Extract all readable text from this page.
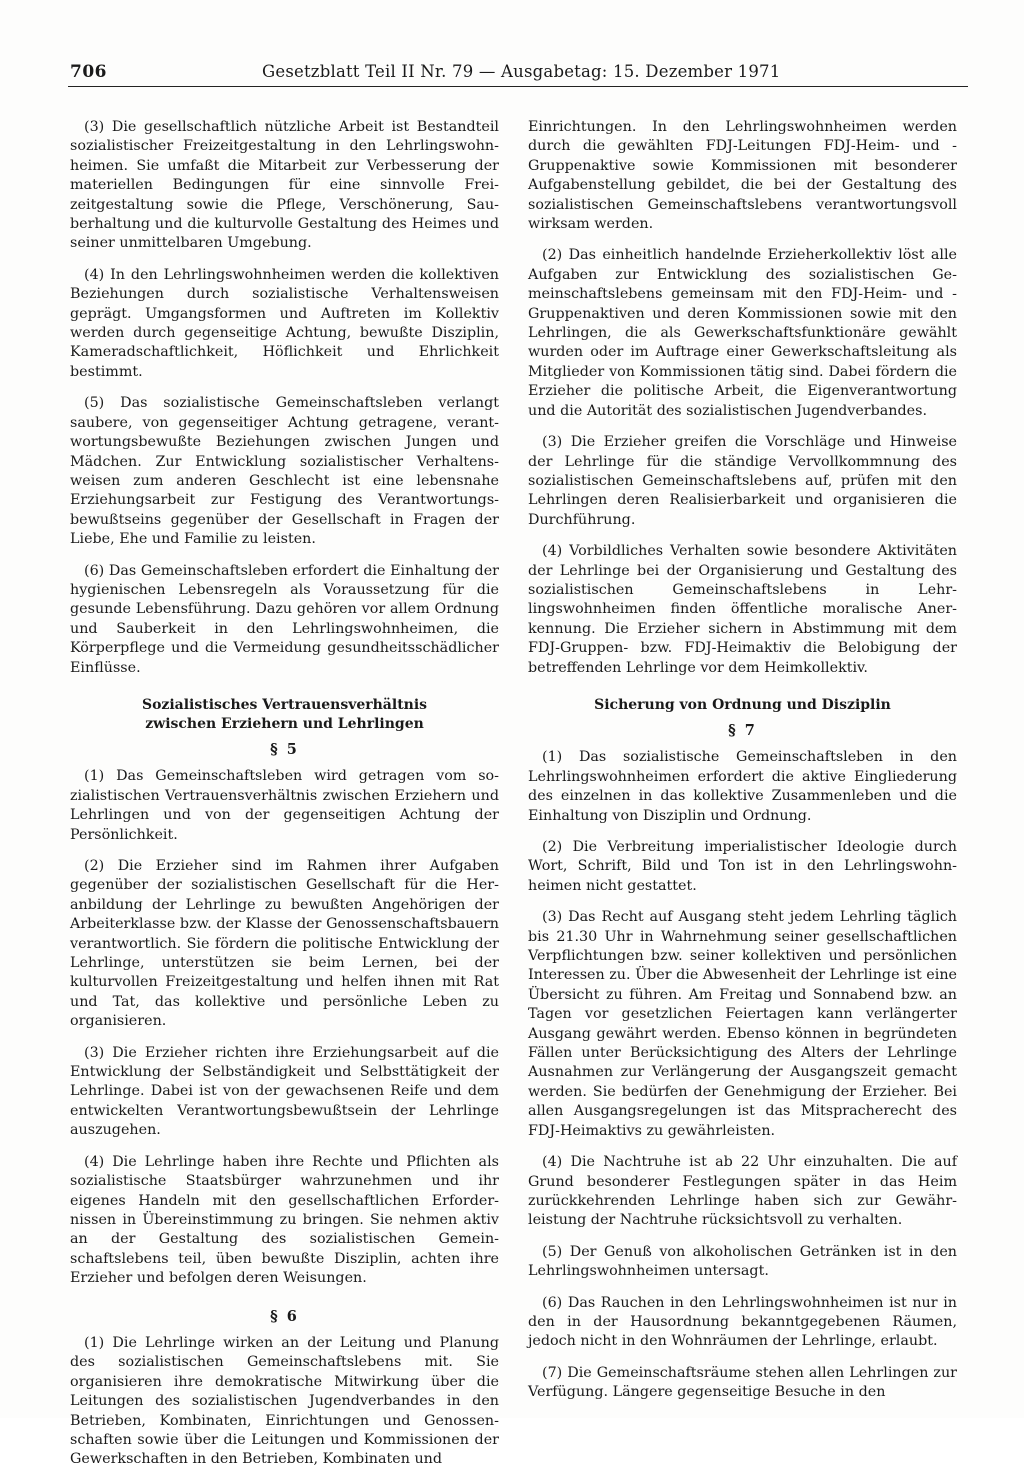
706	Gesetzblatt Teil II Nr. 79 — Ausgabetag: 15. Dezember 1971

(3) Die gesellschaftlich nützliche Arbeit ist Bestandteil sozialistischer Freizeitgestaltung in den Lehrlingswohnheimen. Sie umfaßt die Mitarbeit zur Verbesserung der materiellen Bedingungen für eine sinnvolle Freizeitgestaltung sowie die Pflege, Verschönerung, Sauberhaltung und die kulturvolle Gestaltung des Heimes und seiner unmittelbaren Umgebung.

(4) In den Lehrlingswohnheimen werden die kollektiven Beziehungen durch sozialistische Verhaltensweisen geprägt. Umgangsformen und Auftreten im Kollektiv werden durch gegenseitige Achtung, bewußte Disziplin, Kameradschaftlichkeit, Höflichkeit und Ehrlichkeit bestimmt.

(5) Das sozialistische Gemeinschaftsleben verlangt saubere, von gegenseitiger Achtung getragene, verantwortungsbewußte Beziehungen zwischen Jungen und Mädchen. Zur Entwicklung sozialistischer Verhaltensweisen zum anderen Geschlecht ist eine lebensnahe Erziehungsarbeit zur Festigung des Verantwortungsbewußtseins gegenüber der Gesellschaft in Fragen der Liebe, Ehe und Familie zu leisten.

(6) Das Gemeinschaftsleben erfordert die Einhaltung der hygienischen Lebensregeln als Voraussetzung für die gesunde Lebensführung. Dazu gehören vor allem Ordnung und Sauberkeit in den Lehrlingswohnheimen, die Körperpflege und die Vermeidung gesundheitsschädlicher Einflüsse.

Sozialistisches Vertrauensverhältnis
zwischen Erziehern und Lehrlingen
§ 5

(1) Das Gemeinschaftsleben wird getragen vom sozialistischen Vertrauensverhältnis zwischen Erziehern und Lehrlingen und von der gegenseitigen Achtung der Persönlichkeit.

(2) Die Erzieher sind im Rahmen ihrer Aufgaben gegenüber der sozialistischen Gesellschaft für die Heranbildung der Lehrlinge zu bewußten Angehörigen der Arbeiterklasse bzw. der Klasse der Genossenschaftsbauern verantwortlich. Sie fördern die politische Entwicklung der Lehrlinge, unterstützen sie beim Lernen, bei der kulturvollen Freizeitgestaltung und helfen ihnen mit Rat und Tat, das kollektive und persönliche Leben zu organisieren.

(3) Die Erzieher richten ihre Erziehungsarbeit auf die Entwicklung der Selbständigkeit und Selbsttätigkeit der Lehrlinge. Dabei ist von der gewachsenen Reife und dem entwickelten Verantwortungsbewußtsein der Lehrlinge auszugehen.

(4) Die Lehrlinge haben ihre Rechte und Pflichten als sozialistische Staatsbürger wahrzunehmen und ihr eigenes Handeln mit den gesellschaftlichen Erfordernissen in Übereinstimmung zu bringen. Sie nehmen aktiv an der Gestaltung des sozialistischen Gemeinschaftslebens teil, üben bewußte Disziplin, achten ihre Erzieher und befolgen deren Weisungen.

§ 6

(1) Die Lehrlinge wirken an der Leitung und Planung des sozialistischen Gemeinschaftslebens mit. Sie organisieren ihre demokratische Mitwirkung über die Leitungen des sozialistischen Jugendverbandes in den Betrieben, Kombinaten, Einrichtungen und Genossenschaften sowie über die Leitungen und Kommissionen der Gewerkschaften in den Betrieben, Kombinaten und

Einrichtungen. In den Lehrlingswohnheimen werden durch die gewählten FDJ-Leitungen FDJ-Heim- und -Gruppenaktive sowie Kommissionen mit besonderer Aufgabenstellung gebildet, die bei der Gestaltung des sozialistischen Gemeinschaftslebens verantwortungsvoll wirksam werden.

(2) Das einheitlich handelnde Erzieherkollektiv löst alle Aufgaben zur Entwicklung des sozialistischen Gemeinschaftslebens gemeinsam mit den FDJ-Heim- und -Gruppenaktiven und deren Kommissionen sowie mit den Lehrlingen, die als Gewerkschaftsfunktionäre gewählt wurden oder im Auftrage einer Gewerkschaftsleitung als Mitglieder von Kommissionen tätig sind. Dabei fördern die Erzieher die politische Arbeit, die Eigenverantwortung und die Autorität des sozialistischen Jugendverbandes.

(3) Die Erzieher greifen die Vorschläge und Hinweise der Lehrlinge für die ständige Vervollkommnung des sozialistischen Gemeinschaftslebens auf, prüfen mit den Lehrlingen deren Realisierbarkeit und organisieren die Durchführung.

(4) Vorbildliches Verhalten sowie besondere Aktivitäten der Lehrlinge bei der Organisierung und Gestaltung des sozialistischen Gemeinschaftslebens in Lehrlingswohnheimen finden öffentliche moralische Anerkennung. Die Erzieher sichern in Abstimmung mit dem FDJ-Gruppen- bzw. FDJ-Heimaktiv die Belobigung der betreffenden Lehrlinge vor dem Heimkollektiv.

Sicherung von Ordnung und Disziplin
§ 7

(1) Das sozialistische Gemeinschaftsleben in den Lehrlingswohnheimen erfordert die aktive Eingliederung des einzelnen in das kollektive Zusammenleben und die Einhaltung von Disziplin und Ordnung.

(2) Die Verbreitung imperialistischer Ideologie durch Wort, Schrift, Bild und Ton ist in den Lehrlingswohnheimen nicht gestattet.

(3) Das Recht auf Ausgang steht jedem Lehrling täglich bis 21.30 Uhr in Wahrnehmung seiner gesellschaftlichen Verpflichtungen bzw. seiner kollektiven und persönlichen Interessen zu. Über die Abwesenheit der Lehrlinge ist eine Übersicht zu führen. Am Freitag und Sonnabend bzw. an Tagen vor gesetzlichen Feiertagen kann verlängerter Ausgang gewährt werden. Ebenso können in begründeten Fällen unter Berücksichtigung des Alters der Lehrlinge Ausnahmen zur Verlängerung der Ausgangszeit gemacht werden. Sie bedürfen der Genehmigung der Erzieher. Bei allen Ausgangsregelungen ist das Mitspracherecht des FDJ-Heimaktivs zu gewährleisten.

(4) Die Nachtruhe ist ab 22 Uhr einzuhalten. Die auf Grund besonderer Festlegungen später in das Heim zurückkehrenden Lehrlinge haben sich zur Gewährleistung der Nachtruhe rücksichtsvoll zu verhalten.

(5) Der Genuß von alkoholischen Getränken ist in den Lehrlingswohnheimen untersagt.

(6) Das Rauchen in den Lehrlingswohnheimen ist nur in den in der Hausordnung bekanntgegebenen Räumen, jedoch nicht in den Wohnräumen der Lehrlinge, erlaubt.

(7) Die Gemeinschaftsräume stehen allen Lehrlingen zur Verfügung. Längere gegenseitige Besuche in den
